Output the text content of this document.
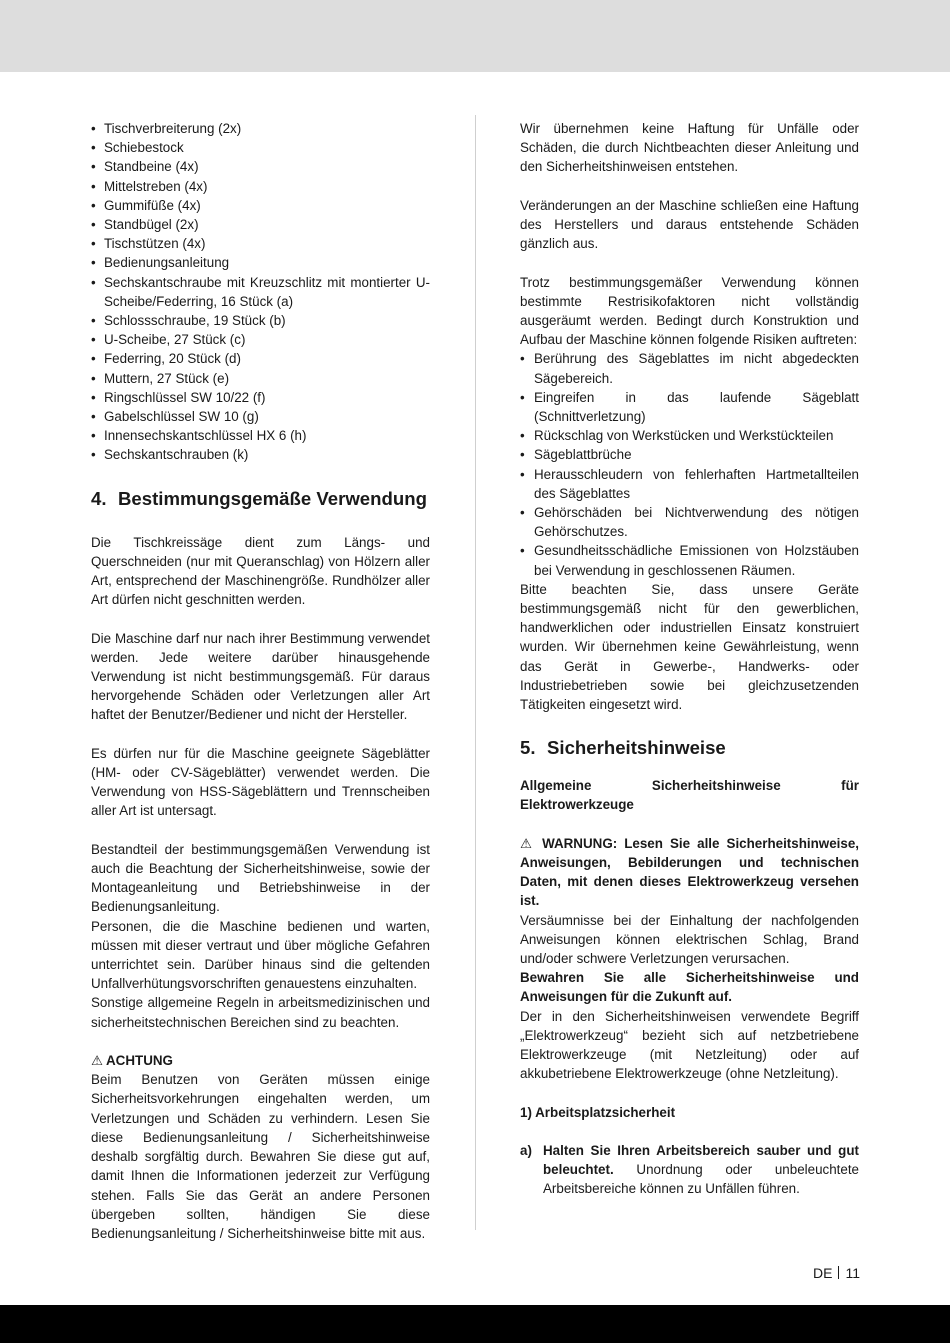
• Tischverbreiterung (2x)
• Schiebestock
• Standbeine (4x)
• Mittelstreben (4x)
• Gummifüße (4x)
• Standbügel (2x)
• Tischstützen (4x)
• Bedienungsanleitung
• Sechskantschraube mit Kreuzschlitz mit montierter U-Scheibe/Federring, 16 Stück (a)
• Schlossschraube, 19 Stück (b)
• U-Scheibe, 27 Stück (c)
• Federring, 20 Stück (d)
• Muttern, 27 Stück (e)
• Ringschlüssel SW 10/22 (f)
• Gabelschlüssel SW 10 (g)
• Innensechskantschlüssel HX 6 (h)
• Sechskantschrauben (k)
4. Bestimmungsgemäße Verwendung

Die Tischkreissäge dient zum Längs- und Querschneiden (nur mit Queranschlag) von Hölzern aller Art, entsprechend der Maschinengröße. Rundhölzer aller Art dürfen nicht geschnitten werden.

Die Maschine darf nur nach ihrer Bestimmung verwendet werden. Jede weitere darüber hinausgehende Verwendung ist nicht bestimmungsgemäß. Für daraus hervorgehende Schäden oder Verletzungen aller Art haftet der Benutzer/Bediener und nicht der Hersteller.

Es dürfen nur für die Maschine geeignete Sägeblätter (HM- oder CV-Sägeblätter) verwendet werden. Die Verwendung von HSS-Sägeblättern und Trennscheiben aller Art ist untersagt.

Bestandteil der bestimmungsgemäßen Verwendung ist auch die Beachtung der Sicherheitshinweise, sowie der Montageanleitung und Betriebshinweise in der Bedienungsanleitung.

Personen, die die Maschine bedienen und warten, müssen mit dieser vertraut und über mögliche Gefahren unterrichtet sein. Darüber hinaus sind die geltenden Unfallverhütungsvorschriften genauestens einzuhalten.

Sonstige allgemeine Regeln in arbeitsmedizinischen und sicherheitstechnischen Bereichen sind zu beachten.

⚠ ACHTUNG

Beim Benutzen von Geräten müssen einige Sicherheitsvorkehrungen eingehalten werden, um Verletzungen und Schäden zu verhindern. Lesen Sie diese Bedienungsanleitung / Sicherheitshinweise deshalb sorgfältig durch. Bewahren Sie diese gut auf, damit Ihnen die Informationen jederzeit zur Verfügung stehen. Falls Sie das Gerät an andere Personen übergeben sollten, händigen Sie diese Bedienungsanleitung / Sicherheitshinweise bitte mit aus.

Wir übernehmen keine Haftung für Unfälle oder Schäden, die durch Nichtbeachten dieser Anleitung und den Sicherheitshinweisen entstehen.

Veränderungen an der Maschine schließen eine Haftung des Herstellers und daraus entstehende Schäden gänzlich aus.

Trotz bestimmungsgemäßer Verwendung können bestimmte Restrisikofaktoren nicht vollständig ausgeräumt werden. Bedingt durch Konstruktion und Aufbau der Maschine können folgende Risiken auftreten:

• Berührung des Sägeblattes im nicht abgedeckten Sägebereich.
• Eingreifen in das laufende Sägeblatt (Schnittverletzung)
• Rückschlag von Werkstücken und Werkstückteilen
• Sägeblattbrüche
• Herausschleudern von fehlerhaften Hartmetallteilen des Sägeblattes
• Gehörschäden bei Nichtverwendung des nötigen Gehörschutzes.
• Gesundheitsschädliche Emissionen von Holzstäuben bei Verwendung in geschlossenen Räumen.

Bitte beachten Sie, dass unsere Geräte bestimmungsgemäß nicht für den gewerblichen, handwerklichen oder industriellen Einsatz konstruiert wurden. Wir übernehmen keine Gewährleistung, wenn das Gerät in Gewerbe-, Handwerks- oder Industriebetrieben sowie bei gleichzusetzenden Tätigkeiten eingesetzt wird.

5. Sicherheitshinweise

Allgemeine Sicherheitshinweise für Elektrowerkzeuge

⚠ WARNUNG: Lesen Sie alle Sicherheitshinweise, Anweisungen, Bebilderungen und technischen Daten, mit denen dieses Elektrowerkzeug versehen ist.

Versäumnisse bei der Einhaltung der nachfolgenden Anweisungen können elektrischen Schlag, Brand und/oder schwere Verletzungen verursachen.

Bewahren Sie alle Sicherheitshinweise und Anweisungen für die Zukunft auf.

Der in den Sicherheitshinweisen verwendete Begriff „Elektrowerkzeug“ bezieht sich auf netzbetriebene Elektrowerkzeuge (mit Netzleitung) oder auf akkubetriebene Elektrowerkzeuge (ohne Netzleitung).

1) Arbeitsplatzsicherheit

a) Halten Sie Ihren Arbeitsbereich sauber und gut beleuchtet. Unordnung oder unbeleuchtete Arbeitsbereiche können zu Unfällen führen.
DE 11
